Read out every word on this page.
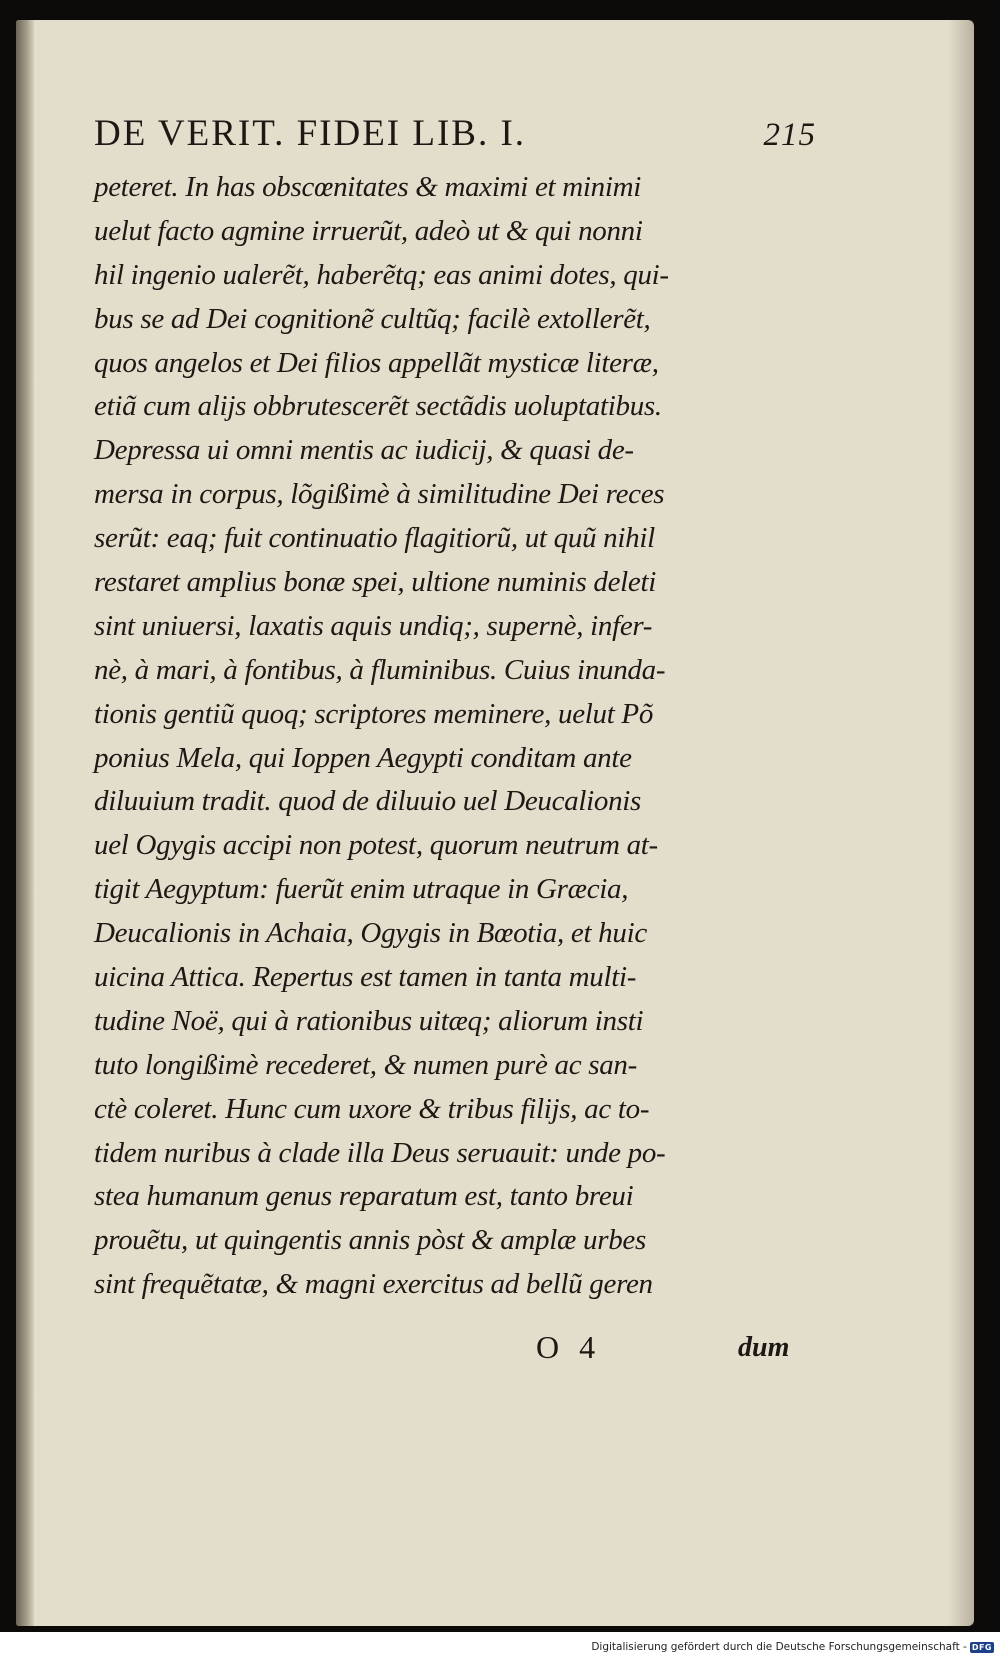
DE VERIT. FIDEI LIB. I.	215
peteret. In has obscœnitates & maximi et minimi
uelut facto agmine irruerũt, adeò ut & qui nonni
hil ingenio ualerẽt, haberẽtq; eas animi dotes, qui-
bus se ad Dei cognitionẽ cultũq; facilè extollerẽt,
quos angelos et Dei filios appellãt mysticæ literæ,
etiã cum alijs obbrutescerẽt sectãdis uoluptatibus.
Depressa ui omni mentis ac iudicij, & quasi de-
mersa in corpus, lõgißimè à similitudine Dei reces
serũt: eaq; fuit continuatio flagitiorũ, ut quũ nihil
restaret amplius bonæ spei, ultione numinis deleti
sint uniuersi, laxatis aquis undiq;, supernè, infer-
nè, à mari, à fontibus, à fluminibus. Cuius inunda-
tionis gentiũ quoq; scriptores meminere, uelut Põ
ponius Mela, qui Ioppen Aegypti conditam ante
diluuium tradit. quod de diluuio uel Deucalionis
uel Ogygis accipi non potest, quorum neutrum at-
tigit Aegyptum: fuerũt enim utraque in Græcia,
Deucalionis in Achaia, Ogygis in Bœotia, et huic
uicina Attica. Repertus est tamen in tanta multi-
tudine Noë, qui à rationibus uitæq; aliorum insti
tuto longißimè recederet, & numen purè ac san-
ctè coleret. Hunc cum uxore & tribus filijs, ac to-
tidem nuribus à clade illa Deus seruauit: unde po-
stea humanum genus reparatum est, tanto breui
prouẽtu, ut quingentis annis pòst & amplæ urbes
sint frequẽtatæ, & magni exercitus ad bellũ geren
O 4	dum
Digitalisierung gefördert durch die Deutsche Forschungsgemeinschaft - DFG
